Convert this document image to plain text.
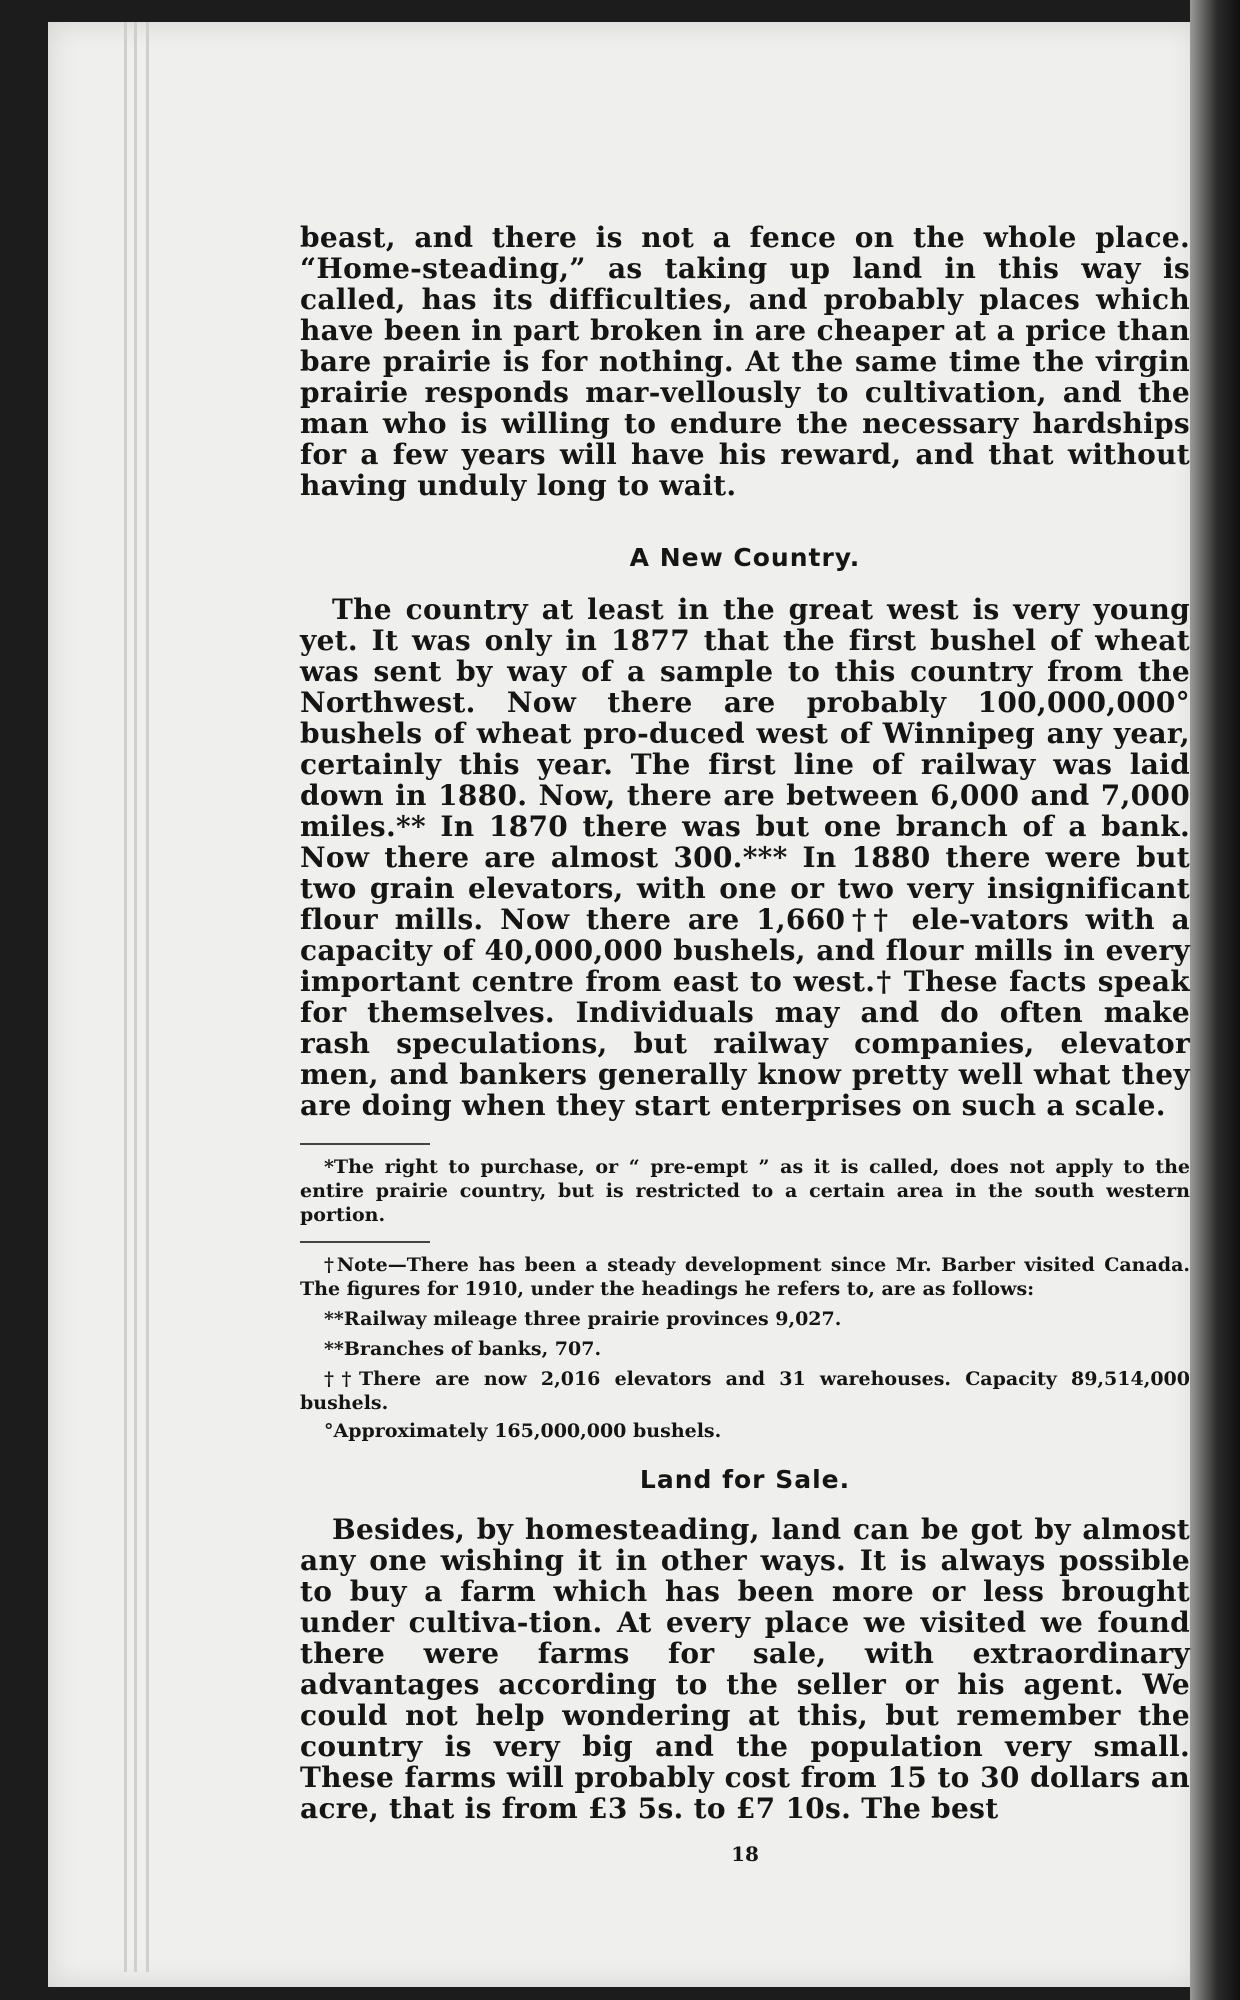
beast, and there is not a fence on the whole place. “Home-steading,” as taking up land in this way is called, has its difficulties, and probably places which have been in part broken in are cheaper at a price than bare prairie is for nothing. At the same time the virgin prairie responds mar-vellously to cultivation, and the man who is willing to endure the necessary hardships for a few years will have his reward, and that without having unduly long to wait.

A New Country.

The country at least in the great west is very young yet. It was only in 1877 that the first bushel of wheat was sent by way of a sample to this country from the Northwest. Now there are probably 100,000,000° bushels of wheat pro-duced west of Winnipeg any year, certainly this year. The first line of railway was laid down in 1880. Now, there are between 6,000 and 7,000 miles.** In 1870 there was but one branch of a bank. Now there are almost 300.*** In 1880 there were but two grain elevators, with one or two very insignificant flour mills. Now there are 1,660†† ele-vators with a capacity of 40,000,000 bushels, and flour mills in every important centre from east to west.† These facts speak for themselves. Individuals may and do often make rash speculations, but railway companies, elevator men, and bankers generally know pretty well what they are doing when they start enterprises on such a scale.

*The right to purchase, or “ pre-empt ” as it is called, does not apply to the entire prairie country, but is restricted to a certain area in the south western portion.

†Note—There has been a steady development since Mr. Barber visited Canada. The figures for 1910, under the headings he refers to, are as follows:

**Railway mileage three prairie provinces 9,027.

**Branches of banks, 707.

††There are now 2,016 elevators and 31 warehouses. Capacity 89,514,000 bushels.

°Approximately 165,000,000 bushels.

Land for Sale.

Besides, by homesteading, land can be got by almost any one wishing it in other ways. It is always possible to buy a farm which has been more or less brought under cultiva-tion. At every place we visited we found there were farms for sale, with extraordinary advantages according to the seller or his agent. We could not help wondering at this, but remember the country is very big and the population very small. These farms will probably cost from 15 to 30 dollars an acre, that is from £3 5s. to £7 10s. The best

18
